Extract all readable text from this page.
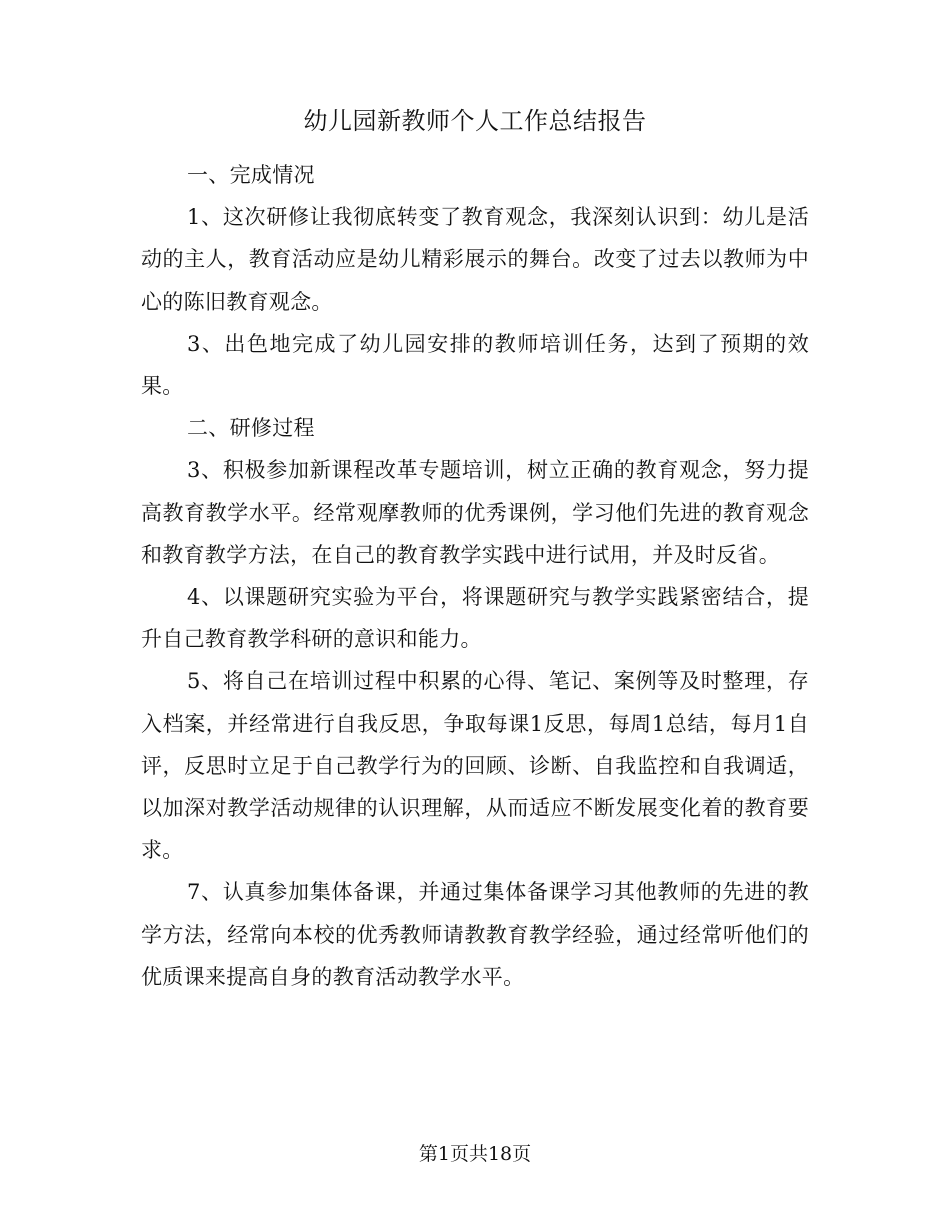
幼儿园新教师个人工作总结报告

一、完成情况

1、这次研修让我彻底转变了教育观念，我深刻认识到：幼儿是活动的主人，教育活动应是幼儿精彩展示的舞台。改变了过去以教师为中心的陈旧教育观念。

3、出色地完成了幼儿园安排的教师培训任务，达到了预期的效果。

二、研修过程

3、积极参加新课程改革专题培训，树立正确的教育观念，努力提高教育教学水平。经常观摩教师的优秀课例，学习他们先进的教育观念和教育教学方法，在自己的教育教学实践中进行试用，并及时反省。

4、以课题研究实验为平台，将课题研究与教学实践紧密结合，提升自己教育教学科研的意识和能力。

5、将自己在培训过程中积累的心得、笔记、案例等及时整理，存入档案，并经常进行自我反思，争取每课1反思，每周1总结，每月1自评，反思时立足于自己教学行为的回顾、诊断、自我监控和自我调适，以加深对教学活动规律的认识理解，从而适应不断发展变化着的教育要求。

7、认真参加集体备课，并通过集体备课学习其他教师的先进的教学方法，经常向本校的优秀教师请教教育教学经验，通过经常听他们的优质课来提高自身的教育活动教学水平。

第1页共18页
